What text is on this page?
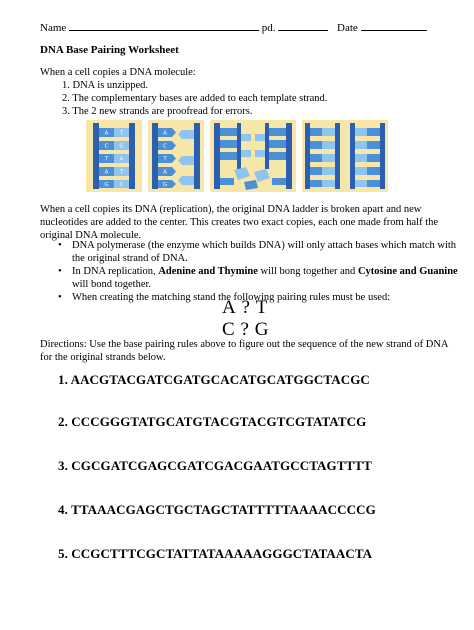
Name	pd.	Date
DNA Base Pairing Worksheet
When a cell copies a DNA molecule:
1. DNA is unzipped.
2. The complementary bases are added to each template strand.
3. The 2 new strands are proofread for errors.
A T
C G
T A
A T
G C
A
C
T
A
G
When a cell copies its DNA (replication), the original DNA ladder is broken apart and new nucleotides are added to the center. This creates two exact copies, each one made from half the original DNA molecule.
• DNA polymerase (the enzyme which builds DNA) will only attach bases which match with the original strand of DNA.
• In DNA replication, Adenine and Thymine will bong together and Cytosine and Guanine will bond together.
• When creating the matching stand the following pairing rules must be used:
A ? T
C ? G
Directions: Use the base pairing rules above to figure out the sequence of the new strand of DNA for the original strands below.
1. AACGTACGATCGATGCACATGCATGGCTACGC
2. CCCGGGTATGCATGTACGTACGTCGTATATCG
3. CGCGATCGAGCGATCGACGAATGCCTAGTTTT
4. TTAAACGAGCTGCTAGCTATTTTTAAAACCCCG
5. CCGCTTTCGCTATTATAAAAAGGGCTATAACTA
